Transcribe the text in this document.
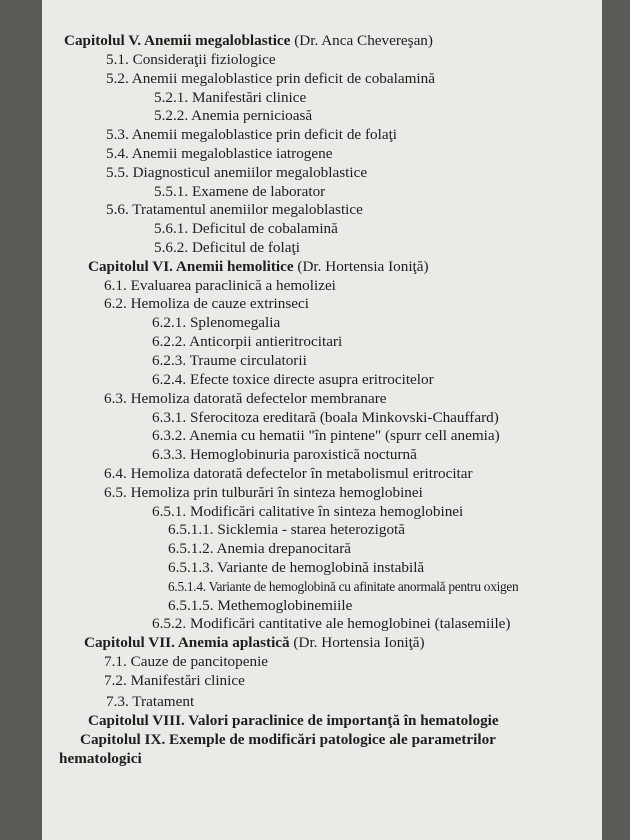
Capitolul V. Anemii megaloblastice (Dr. Anca Chevereşan)
5.1. Consideraţii fiziologice
5.2. Anemii megaloblastice prin deficit de cobalamină
5.2.1. Manifestări clinice
5.2.2. Anemia pernicioasă
5.3. Anemii megaloblastice prin deficit de folaţi
5.4. Anemii megaloblastice iatrogene
5.5. Diagnosticul anemiilor megaloblastice
5.5.1. Examene de laborator
5.6. Tratamentul anemiilor megaloblastice
5.6.1. Deficitul de cobalamină
5.6.2. Deficitul de folaţi
Capitolul VI. Anemii hemolitice (Dr. Hortensia Ioniţă)
6.1. Evaluarea paraclinică a hemolizei
6.2. Hemoliza de cauze extrinseci
6.2.1. Splenomegalia
6.2.2. Anticorpii antieritrocitari
6.2.3. Traume circulatorii
6.2.4. Efecte toxice directe asupra eritrocitelor
6.3. Hemoliza datorată defectelor membranare
6.3.1. Sferocitoza ereditară (boala Minkovski-Chauffard)
6.3.2. Anemia cu hematii "în pintene" (spurr cell anemia)
6.3.3. Hemoglobinuria paroxistică nocturnă
6.4. Hemoliza datorată defectelor în metabolismul eritrocitar
6.5. Hemoliza prin tulburări în sinteza hemoglobinei
6.5.1. Modificări calitative în sinteza hemoglobinei
6.5.1.1. Sicklemia - starea heterozigotă
6.5.1.2. Anemia drepanocitară
6.5.1.3. Variante de hemoglobină instabilă
6.5.1.4. Variante de hemoglobină cu afinitate anormală pentru oxigen
6.5.1.5. Methemoglobinemiile
6.5.2. Modificări cantitative ale hemoglobinei (talasemiile)
Capitolul VII. Anemia aplastică (Dr. Hortensia Ioniţă)
7.1. Cauze de pancitopenie
7.2. Manifestări clinice
7.3. Tratament
Capitolul VIII. Valori paraclinice de importanţă în hematologie
Capitolul IX. Exemple de modificări patologice ale parametrilor
hematologici
